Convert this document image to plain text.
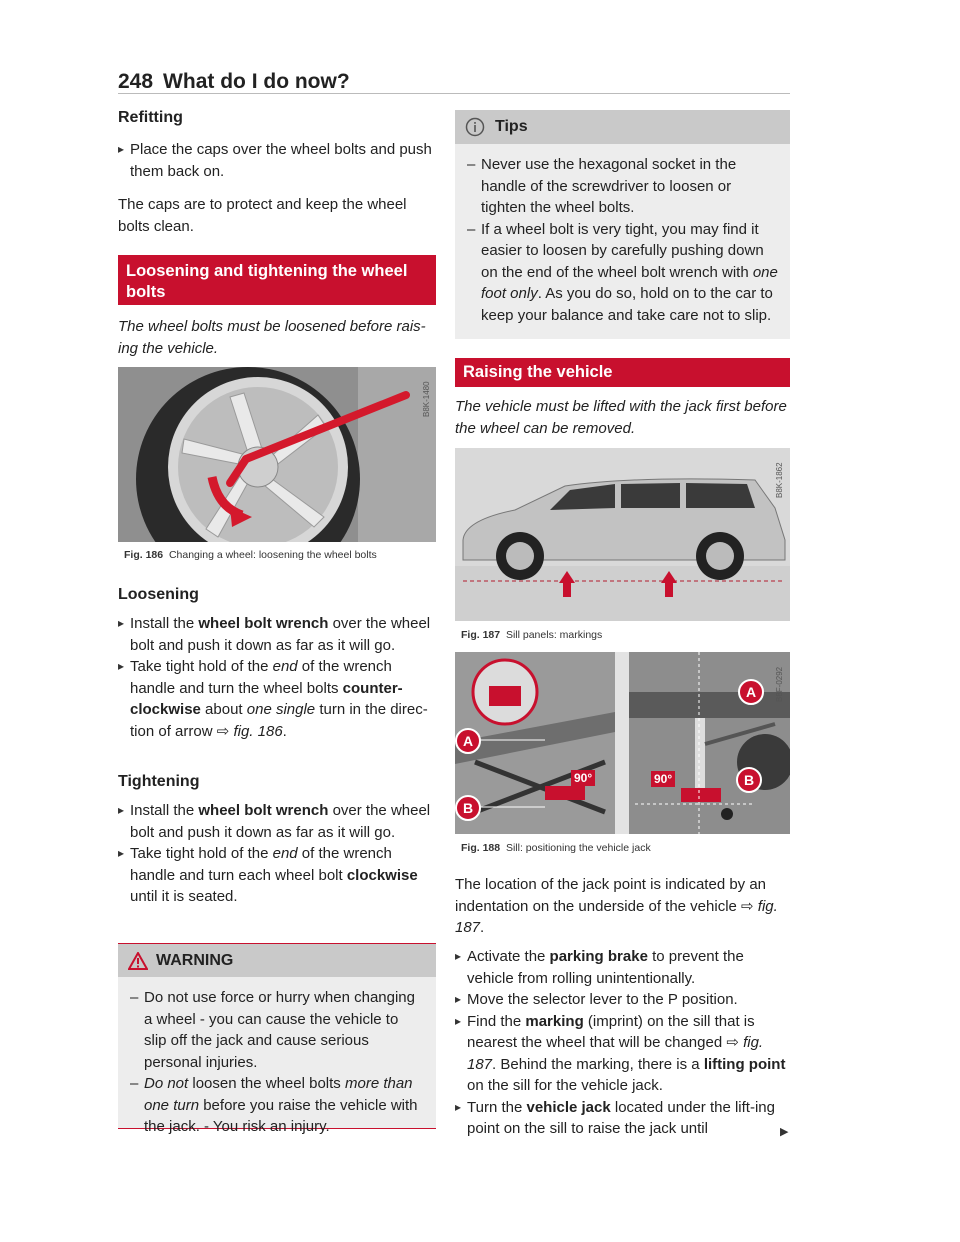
248 What do I do now?
Refitting
▸ Place the caps over the wheel bolts and push them back on.

The caps are to protect and keep the wheel bolts clean.

Loosening and tightening the wheel bolts

The wheel bolts must be loosened before rais-ing the vehicle.

B8K-1480
Fig. 186 Changing a wheel: loosening the wheel bolts
Loosening
▸ Install the wheel bolt wrench over the wheel bolt and push it down as far as it will go.
▸ Take tight hold of the end of the wrench handle and turn the wheel bolts counter-clockwise about one single turn in the direc-tion of arrow ⇨ fig. 186.
Tightening
▸ Install the wheel bolt wrench over the wheel bolt and push it down as far as it will go.
▸ Take tight hold of the end of the wrench handle and turn each wheel bolt clockwise until it is seated.
WARNING
– Do not use force or hurry when changing a wheel - you can cause the vehicle to slip off the jack and cause serious personal injuries.
– Do not loosen the wheel bolts more than one turn before you raise the vehicle with the jack. - You risk an injury.
Tips
– Never use the hexagonal socket in the handle of the screwdriver to loosen or tighten the wheel bolts.
– If a wheel bolt is very tight, you may find it easier to loosen by carefully pushing down on the end of the wheel bolt wrench with one foot only. As you do so, hold on to the car to keep your balance and take care not to slip.
Raising the vehicle

The vehicle must be lifted with the jack first before the wheel can be removed.

B8K-1862
Fig. 187 Sill panels: markings
A
B
A
B
90°	90°
B8F-0292
Fig. 188 Sill: positioning the vehicle jack

The location of the jack point is indicated by an indentation on the underside of the vehicle ⇨ fig. 187.

▸ Activate the parking brake to prevent the vehicle from rolling unintentionally.
▸ Move the selector lever to the P position.
▸ Find the marking (imprint) on the sill that is nearest the wheel that will be changed ⇨ fig. 187. Behind the marking, there is a lifting point on the sill for the vehicle jack.
▸ Turn the vehicle jack located under the lift-ing point on the sill to raise the jack until	▶
